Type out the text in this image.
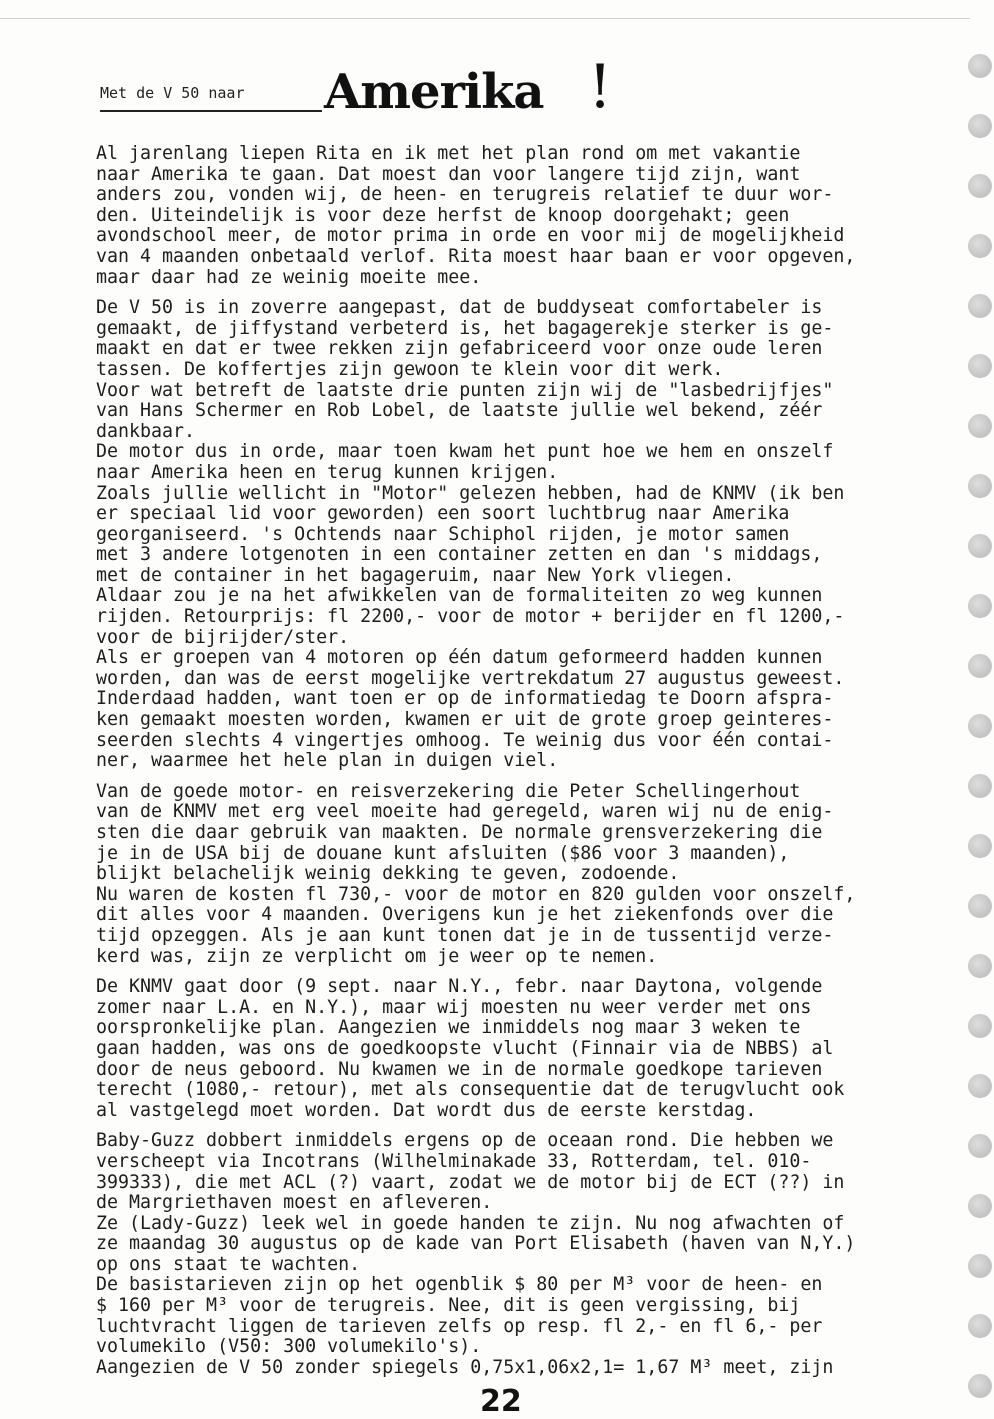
Met de V 50 naar Amerika !
Al jarenlang liepen Rita en ik met het plan rond om met vakantie
naar Amerika te gaan. Dat moest dan voor langere tijd zijn, want
anders zou, vonden wij, de heen- en terugreis relatief te duur wor-
den. Uiteindelijk is voor deze herfst de knoop doorgehakt; geen
avondschool meer, de motor prima in orde en voor mij de mogelijkheid
van 4 maanden onbetaald verlof. Rita moest haar baan er voor opgeven,
maar daar had ze weinig moeite mee.
De V 50 is in zoverre aangepast, dat de buddyseat comfortabeler is
gemaakt, de jiffystand verbeterd is, het bagagerekje sterker is ge-
maakt en dat er twee rekken zijn gefabriceerd voor onze oude leren
tassen. De koffertjes zijn gewoon te klein voor dit werk.
Voor wat betreft de laatste drie punten zijn wij de "lasbedrijfjes"
van Hans Schermer en Rob Lobel, de laatste jullie wel bekend, zéér
dankbaar.
De motor dus in orde, maar toen kwam het punt hoe we hem en onszelf
naar Amerika heen en terug kunnen krijgen.
Zoals jullie wellicht in "Motor" gelezen hebben, had de KNMV (ik ben
er speciaal lid voor geworden) een soort luchtbrug naar Amerika
georganiseerd. 's Ochtends naar Schiphol rijden, je motor samen
met 3 andere lotgenoten in een container zetten en dan 's middags,
met de container in het bagageruim, naar New York vliegen.
Aldaar zou je na het afwikkelen van de formaliteiten zo weg kunnen
rijden. Retourprijs: fl 2200,- voor de motor + berijder en fl 1200,-
voor de bijrijder/ster.
Als er groepen van 4 motoren op één datum geformeerd hadden kunnen
worden, dan was de eerst mogelijke vertrekdatum 27 augustus geweest.
Inderdaad hadden, want toen er op de informatiedag te Doorn afspra-
ken gemaakt moesten worden, kwamen er uit de grote groep geinteres-
seerden slechts 4 vingertjes omhoog. Te weinig dus voor één contai-
ner, waarmee het hele plan in duigen viel.
Van de goede motor- en reisverzekering die Peter Schellingerhout
van de KNMV met erg veel moeite had geregeld, waren wij nu de enig-
sten die daar gebruik van maakten. De normale grensverzekering die
je in de USA bij de douane kunt afsluiten ($86 voor 3 maanden),
blijkt belachelijk weinig dekking te geven, zodoende.
Nu waren de kosten fl 730,- voor de motor en 820 gulden voor onszelf,
dit alles voor 4 maanden. Overigens kun je het ziekenfonds over die
tijd opzeggen. Als je aan kunt tonen dat je in de tussentijd verze-
kerd was, zijn ze verplicht om je weer op te nemen.
De KNMV gaat door (9 sept. naar N.Y., febr. naar Daytona, volgende
zomer naar L.A. en N.Y.), maar wij moesten nu weer verder met ons
oorspronkelijke plan. Aangezien we inmiddels nog maar 3 weken te
gaan hadden, was ons de goedkoopste vlucht (Finnair via de NBBS) al
door de neus geboord. Nu kwamen we in de normale goedkope tarieven
terecht (1080,- retour), met als consequentie dat de terugvlucht ook
al vastgelegd moet worden. Dat wordt dus de eerste kerstdag.
Baby-Guzz dobbert inmiddels ergens op de oceaan rond. Die hebben we
verscheept via Incotrans (Wilhelminakade 33, Rotterdam, tel. 010-
399333), die met ACL (?) vaart, zodat we de motor bij de ECT (??) in
de Margriethaven moest en afleveren.
Ze (Lady-Guzz) leek wel in goede handen te zijn. Nu nog afwachten of
ze maandag 30 augustus op de kade van Port Elisabeth (haven van N,Y.)
op ons staat te wachten.
De basistarieven zijn op het ogenblik $ 80 per M³ voor de heen- en
$ 160 per M³ voor de terugreis. Nee, dit is geen vergissing, bij
luchtvracht liggen de tarieven zelfs op resp. fl 2,- en fl 6,- per
volumekilo (V50: 300 volumekilo's).
Aangezien de V 50 zonder spiegels 0,75x1,06x2,1= 1,67 M³ meet, zijn
22
